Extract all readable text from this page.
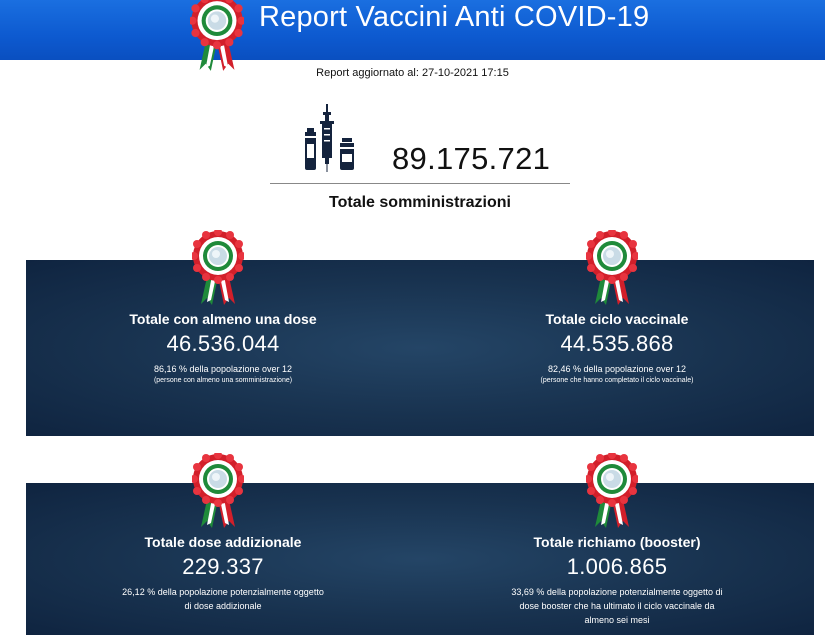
Report Vaccini Anti COVID-19
Report aggiornato al: 27-10-2021 17:15
89.175.721
Totale somministrazioni
Totale con almeno una dose
46.536.044
86,16 % della popolazione over 12
(persone con almeno una somministrazione)
Totale ciclo vaccinale
44.535.868
82,46 % della popolazione over 12
(persone che hanno completato il ciclo vaccinale)
Totale dose addizionale
229.337
26,12 % della popolazione potenzialmente oggetto
di dose addizionale
Totale richiamo (booster)
1.006.865
33,69 % della popolazione potenzialmente oggetto di
dose booster che ha ultimato il ciclo vaccinale da
almeno sei mesi
